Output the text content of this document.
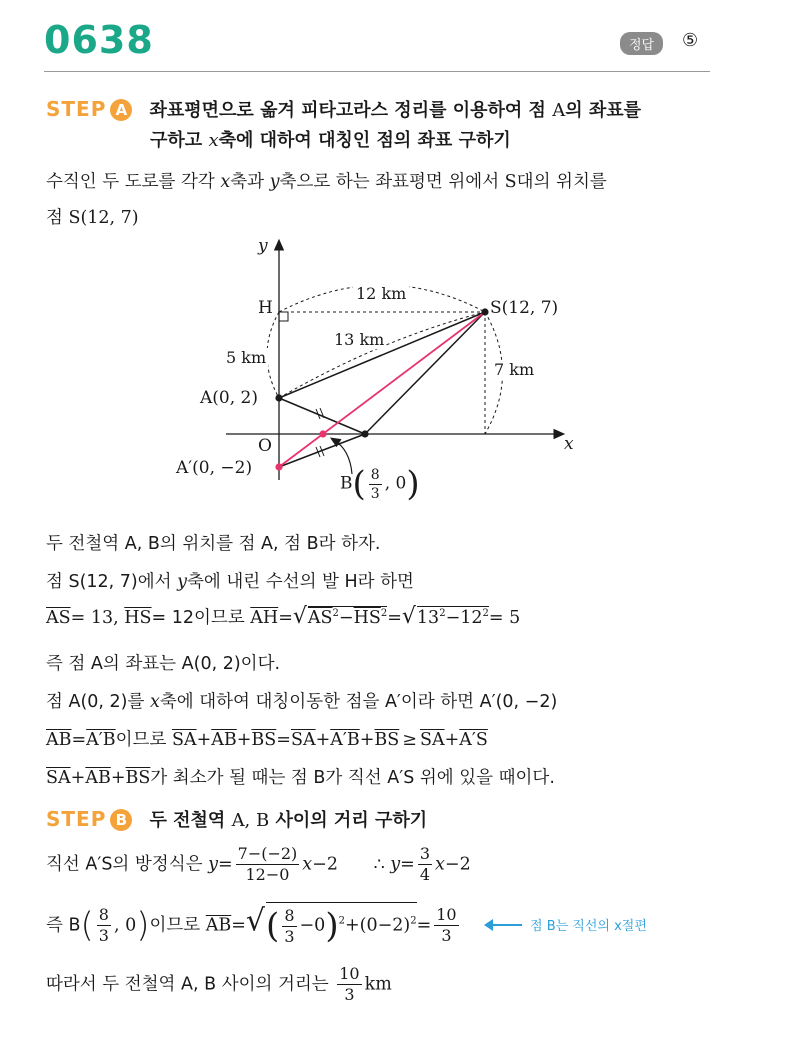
0638	정답	⑤
STEP A 좌표평면으로 옮겨 피타고라스 정리를 이용하여 점 A의 좌표를
구하고 x축에 대하여 대칭인 점의 좌표 구하기
수직인 두 도로를 각각 x축과 y축으로 하는 좌표평면 위에서 S대의 위치를
점 S(12, 7)
y
x
H
O
S(12, 7)
A(0, 2)
A′(0, −2)
12 km
13 km
5 km
7 km
$B( \frac{8}{3}$ , 0)
두 전철역 A, B의 위치를 점 A, 점 B라 하자.
점 S(12, 7)에서 y축에 내린 수선의 발 H라 하면
$\overline{AS}= 13$, $\overline{HS}= 12$이므로 $\overline{AH}=√AS^2-\overline{HS}^2=√13^2-12^2= 5$
즉 점 A의 좌표는 A(0, 2)이다.
점 A(0, 2)를 x축에 대하여 대칭이동한 점을 A′이라 하면 A′(0, −2)
$\overline{AB}=A'B$이므로 $\overline{SA}+\overline{AB}+\overline{BS}=\overline{SA}+A'B+\overline{BS} \ge \overline{SA}+A'S$
$\overline{SA}+\overline{AB}+\overline{BS}$가 최소가 될 때는 점 B가 직선 A′S 위에 있을 때이다.
STEP B 두 전철역 A, B 사이의 거리 구하기
직선 A′S의 방정식은 $y= \frac{7-(-2)}{12-0} x-2$ ∴ $y= \frac{3}{4} x-2$
즉 $B( \frac{8}{3}$ , 0)이므로 $\overline{AB}=√( \frac{8}{3} -0)^2+(0-2)^2= \frac{10}{3}$	점 B는 직선의 x절편
따라서 두 전철역 A, B 사이의 거리는 $\frac{10}{3}$ km
